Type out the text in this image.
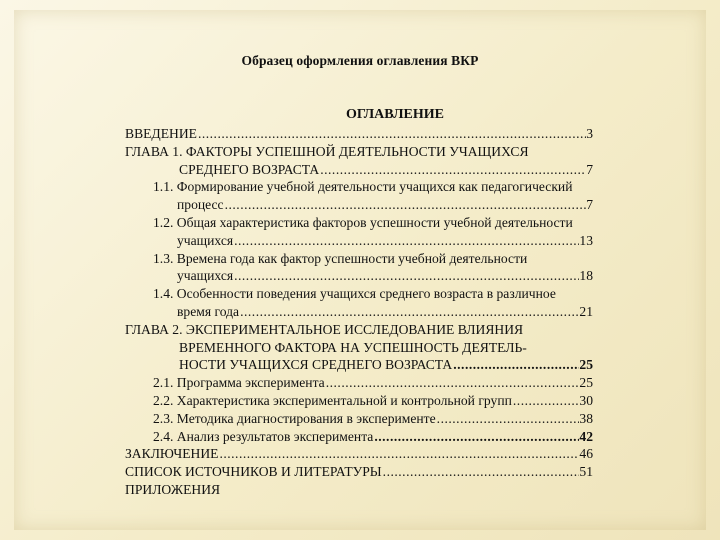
Образец оформления оглавления ВКР
ОГЛАВЛЕНИЕ
ВВЕДЕНИЕ .....	3
ГЛАВА 1. ФАКТОРЫ УСПЕШНОЙ ДЕЯТЕЛЬНОСТИ УЧАЩИХСЯ
СРЕДНЕГО ВОЗРАСТА .....	7
1.1. Формирование учебной деятельности учащихся как педагогический
процесс .....	7
1.2. Общая характеристика факторов успешности учебной деятельности
учащихся .....	13
1.3. Времена года как фактор успешности учебной деятельности
учащихся .....	18
1.4. Особенности поведения учащихся среднего возраста в различное
время года .....	21
ГЛАВА 2. ЭКСПЕРИМЕНТАЛЬНОЕ ИССЛЕДОВАНИЕ ВЛИЯНИЯ
ВРЕМЕННОГО ФАКТОРА НА УСПЕШНОСТЬ ДЕЯТЕЛЬ-
НОСТИ УЧАЩИХСЯ СРЕДНЕГО ВОЗРАСТА .....	25
2.1. Программа эксперимента .....	25
2.2. Характеристика экспериментальной и контрольной групп .....	30
2.3. Методика диагностирования в эксперименте .....	38
2.4. Анализ результатов эксперимента .....	42
ЗАКЛЮЧЕНИЕ .....	46
СПИСОК ИСТОЧНИКОВ И ЛИТЕРАТУРЫ .....	51
ПРИЛОЖЕНИЯ
